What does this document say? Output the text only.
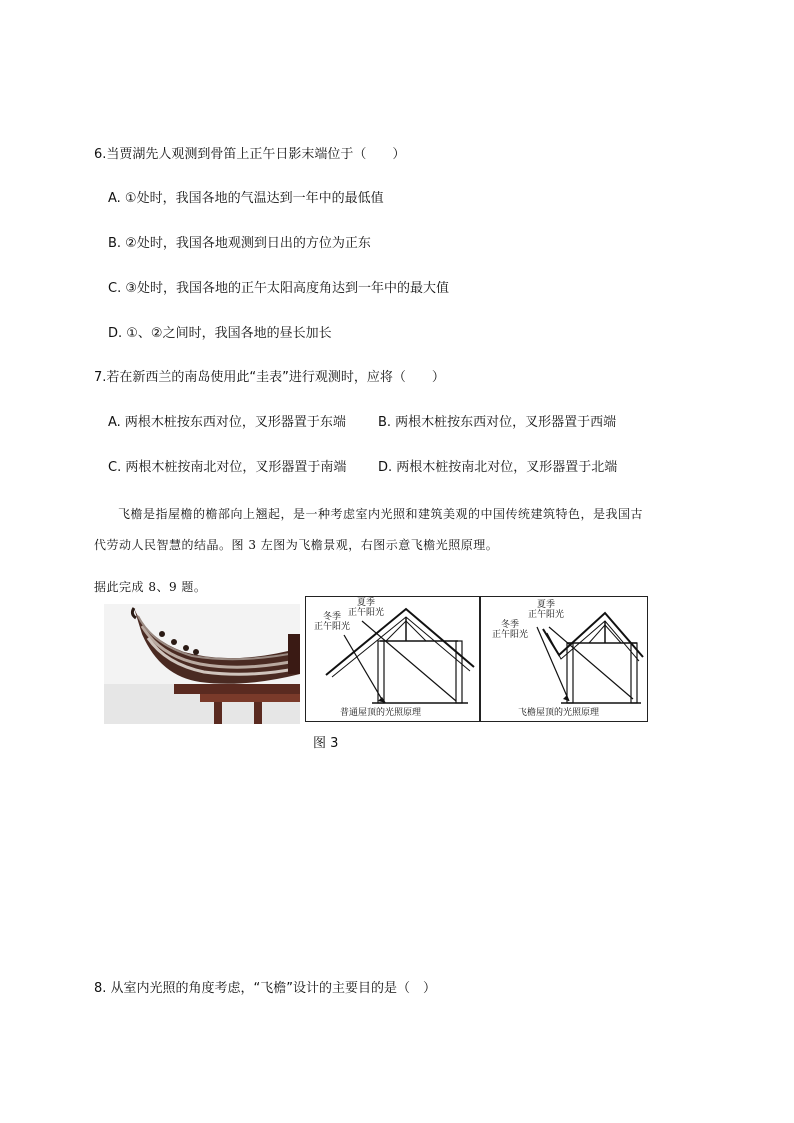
6.当贾湖先人观测到骨笛上正午日影末端位于（　　）
A. ①处时，我国各地的气温达到一年中的最低值
B. ②处时，我国各地观测到日出的方位为正东
C. ③处时，我国各地的正午太阳高度角达到一年中的最大值
D. ①、②之间时，我国各地的昼长加长
7.若在新西兰的南岛使用此“圭表”进行观测时，应将（　　）
A. 两根木桩按东西对位，叉形器置于东端 B. 两根木桩按东西对位，叉形器置于西端
C. 两根木桩按南北对位，叉形器置于南端 D. 两根木桩按南北对位，叉形器置于北端
飞檐是指屋檐的檐部向上翘起，是一种考虑室内光照和建筑美观的中国传统建筑特色，是我国古
代劳动人民智慧的结晶。图 3 左图为飞檐景观，右图示意飞檐光照原理。
据此完成 8、9 题。
夏季
正午阳光
冬季
正午阳光
普通屋顶的光照原理
夏季
正午阳光
冬季
正午阳光
飞檐屋顶的光照原理
图 3
8. 从室内光照的角度考虑，“飞檐”设计的主要目的是（　）
